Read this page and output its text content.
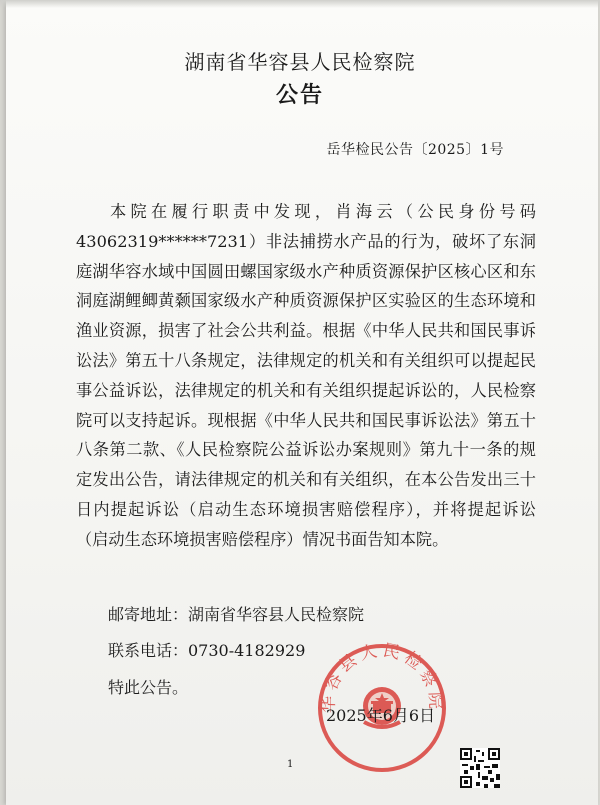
湖南省华容县人民检察院
公告
岳华检民公告〔2025〕1号
本院在履行职责中发现，肖海云（公民身份号码43062319******7231）非法捕捞水产品的行为，破坏了东洞庭湖华容水域中国圆田螺国家级水产种质资源保护区核心区和东洞庭湖鲤鲫黄颡国家级水产种质资源保护区实验区的生态环境和渔业资源，损害了社会公共利益。根据《中华人民共和国民事诉讼法》第五十八条规定，法律规定的机关和有关组织可以提起民事公益诉讼，法律规定的机关和有关组织提起诉讼的，人民检察院可以支持起诉。现根据《中华人民共和国民事诉讼法》第五十八条第二款、《人民检察院公益诉讼办案规则》第九十一条的规定发出公告，请法律规定的机关和有关组织，在本公告发出三十日内提起诉讼（启动生态环境损害赔偿程序），并将提起诉讼（启动生态环境损害赔偿程序）情况书面告知本院。
邮寄地址：湖南省华容县人民检察院
联系电话：0730-4182929
特此公告。
华容县人民检察院
2025年6月6日
1
